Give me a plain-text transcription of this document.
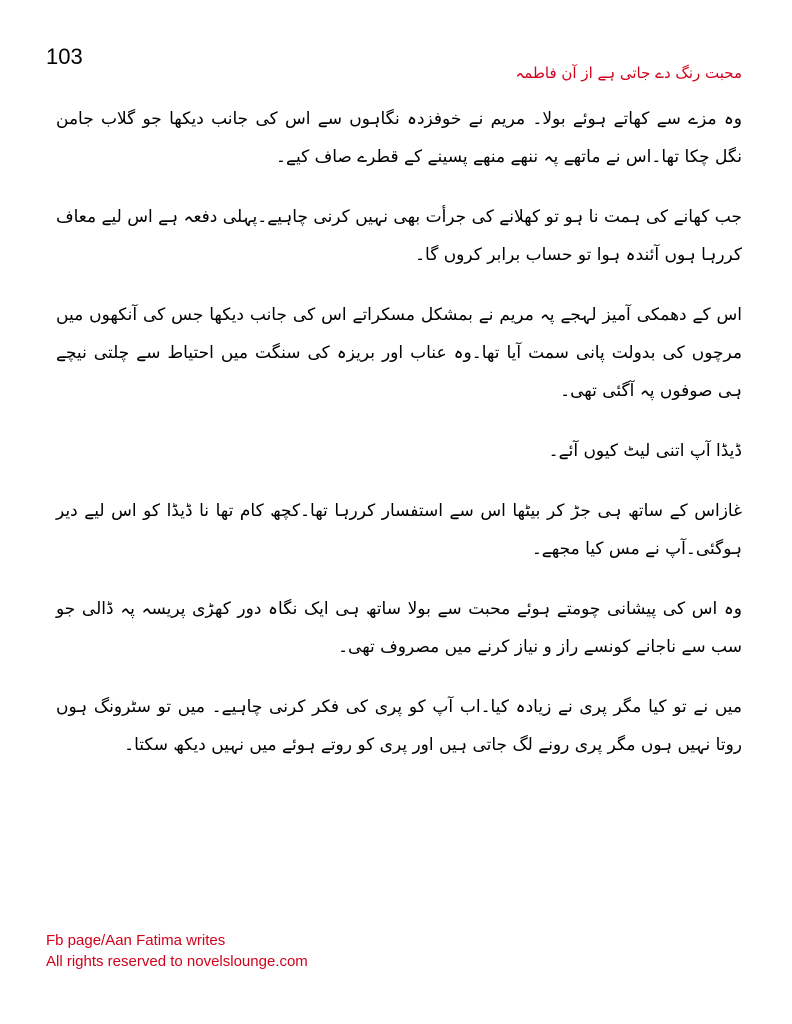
103
محبت رنگ دے جاتی ہے از آن فاطمہ

وہ مزے سے کھاتے ہوئے بولا۔ مریم نے خوفزدہ نگاہوں سے اس کی جانب دیکھا جو گلاب جامن نگل چکا تھا۔اس نے ماتھے پہ ننھے منھے پسینے کے قطرے صاف کیے۔

جب کھانے کی ہمت نا ہو تو کھلانے کی جرأت بھی نہیں کرنی چاہیے۔پہلی دفعہ ہے اس لیے معاف کررہا ہوں آئندہ ہوا تو حساب برابر کروں گا۔

اس کے دھمکی آمیز لہجے پہ مریم نے بمشکل مسکراتے اس کی جانب دیکھا جس کی آنکھوں میں مرچوں کی بدولت پانی سمت آیا تھا۔وہ عناب اور بریزہ کی سنگت میں احتیاط سے چلتی نیچے ہی صوفوں پہ آگئی تھی۔

ڈیڈا آپ اتنی لیٹ کیوں آئے۔

غازاس کے ساتھ ہی جڑ کر بیٹھا اس سے استفسار کررہا تھا۔کچھ کام تھا نا ڈیڈا کو اس لیے دیر ہوگئی۔آپ نے مس کیا مجھے۔

وہ اس کی پیشانی چومتے ہوئے محبت سے بولا ساتھ ہی ایک نگاہ دور کھڑی پریسہ پہ ڈالی جو سب سے ناجانے کونسے راز و نیاز کرنے میں مصروف تھی۔

میں نے تو کیا مگر پری نے زیادہ کیا۔اب آپ کو پری کی فکر کرنی چاہیے۔ میں تو سٹرونگ ہوں روتا نہیں ہوں مگر پری رونے لگ جاتی ہیں اور پری کو روتے ہوئے میں نہیں دیکھ سکتا۔

Fb page/Aan Fatima writes
All rights reserved to novelslounge.com
